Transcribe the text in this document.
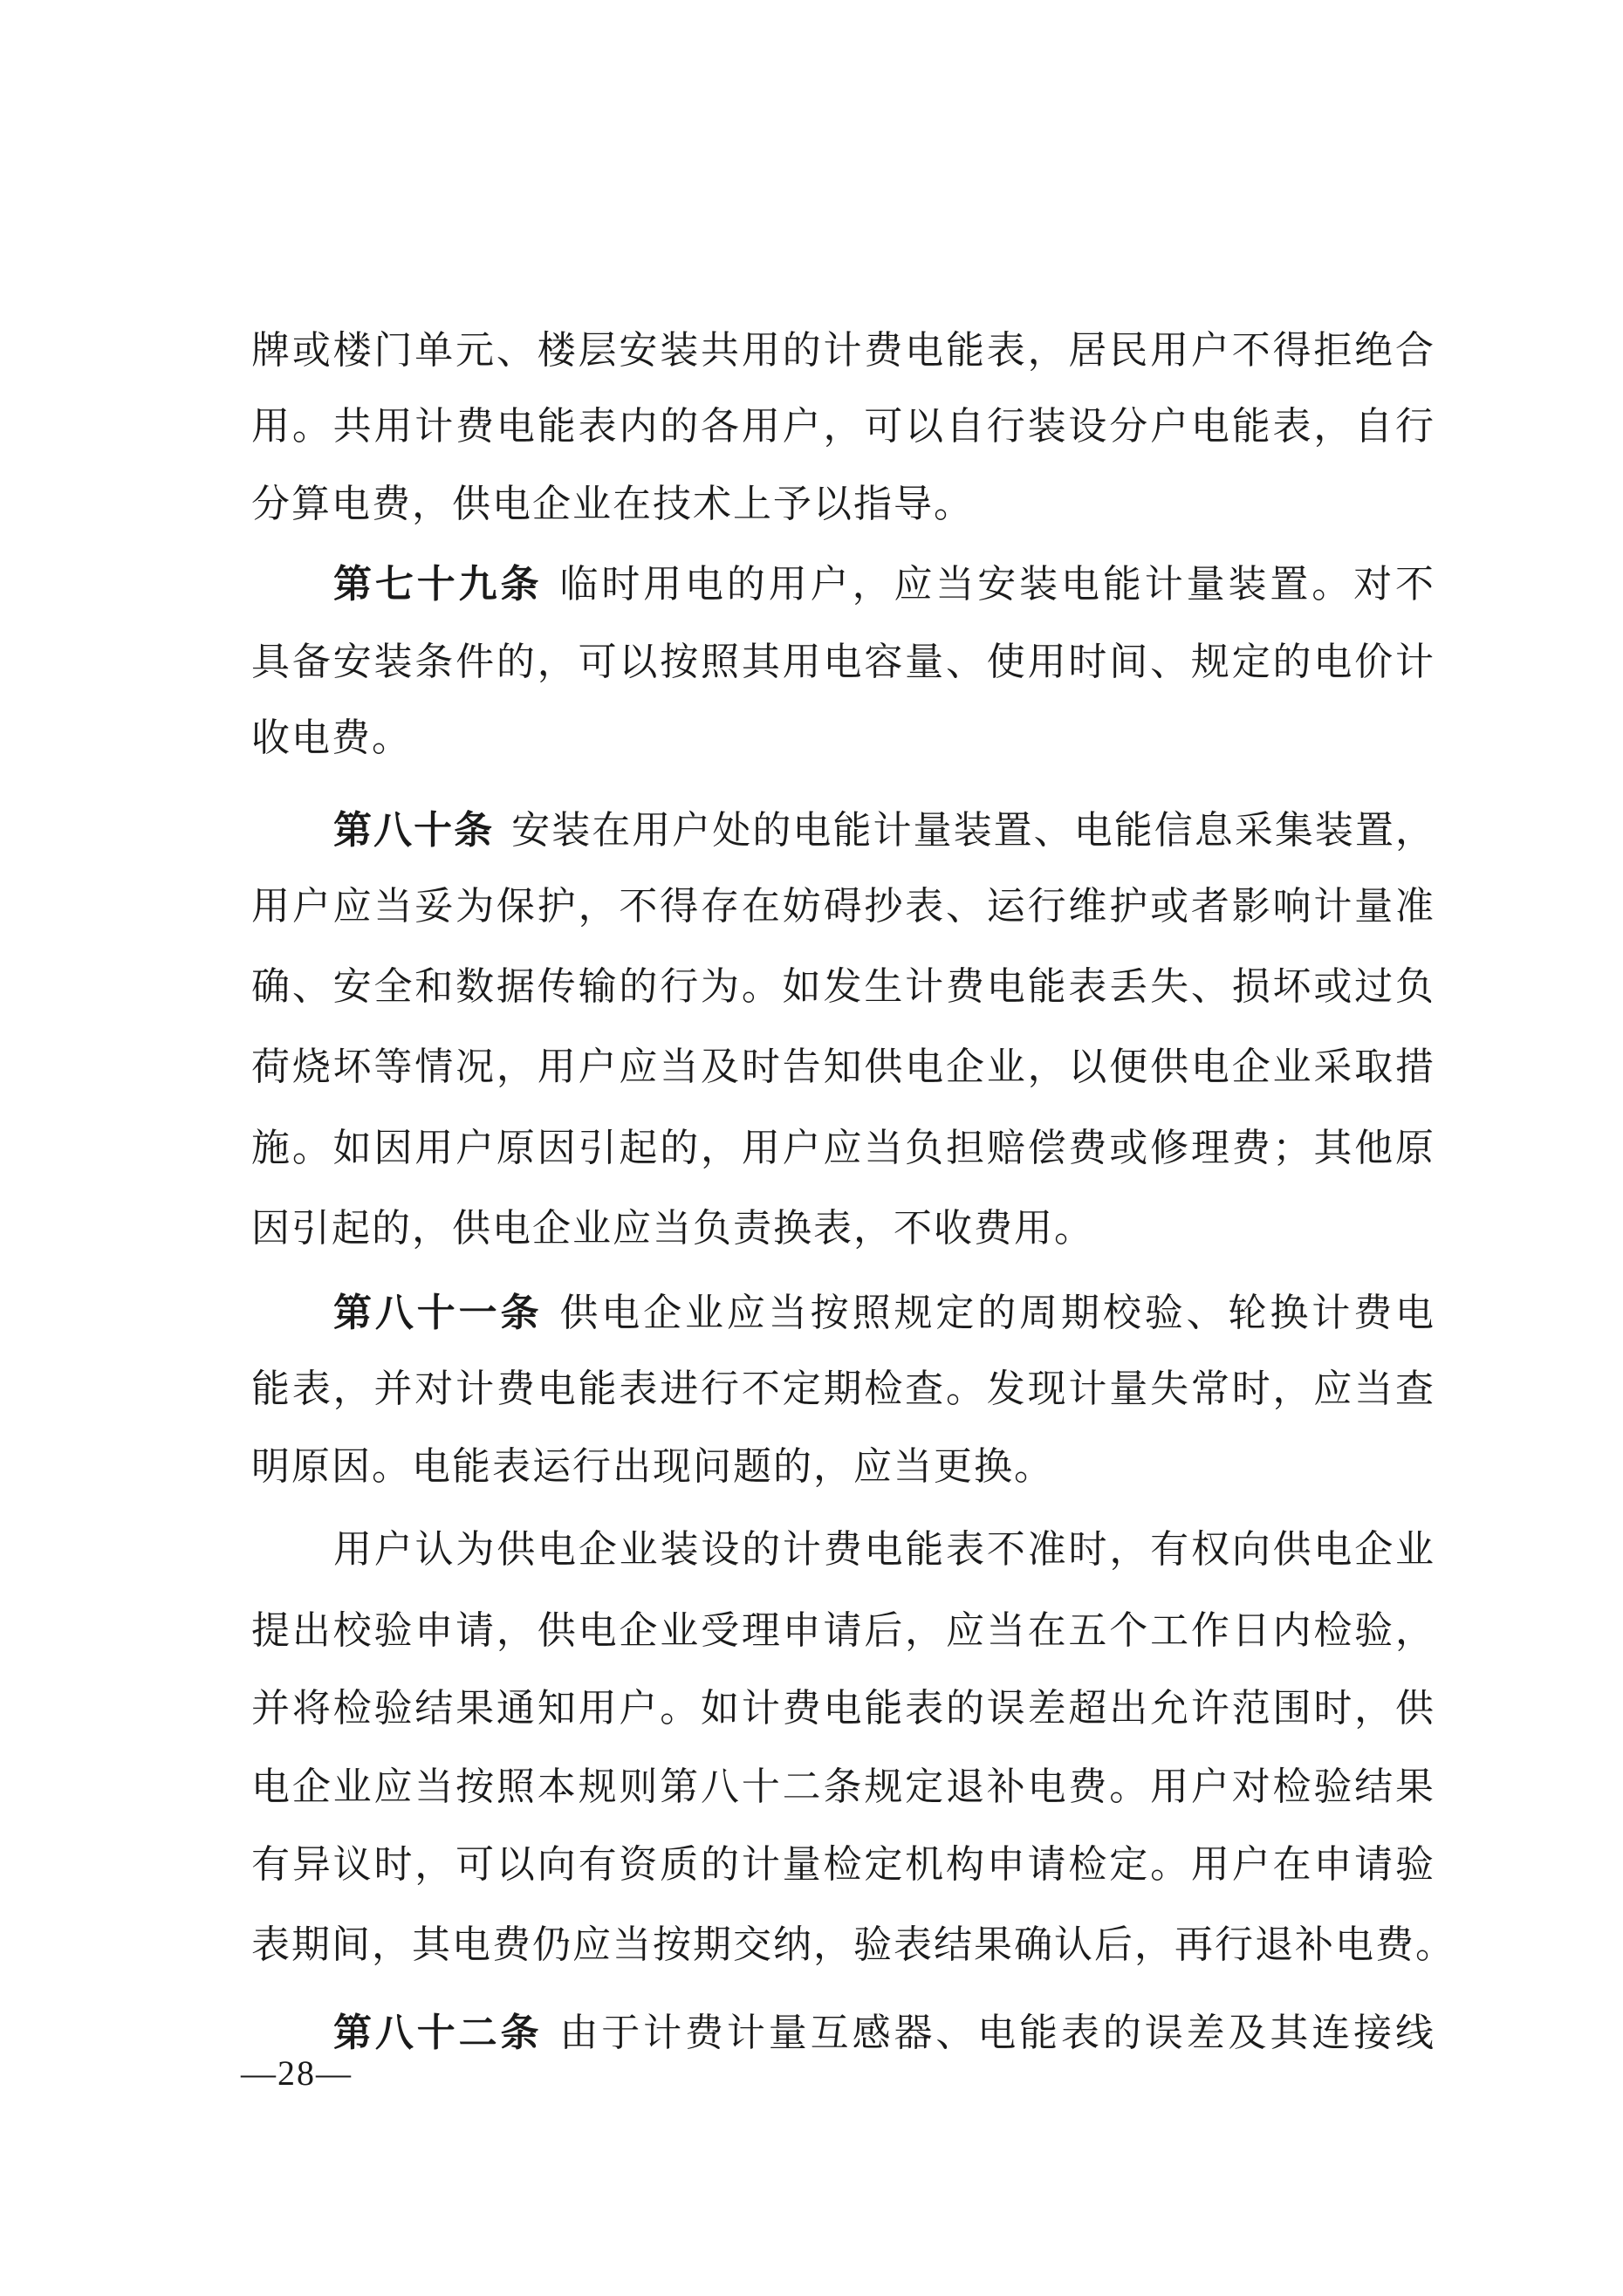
牌或楼门单元、楼层安装共用的计费电能表，居民用户不得拒绝合
用。共用计费电能表内的各用户，可以自行装设分户电能表，自行
分算电费，供电企业在技术上予以指导。
第七十九条 临时用电的用户，应当安装电能计量装置。对不
具备安装条件的，可以按照其用电容量、使用时间、规定的电价计
收电费。
第八十条 安装在用户处的电能计量装置、电能信息采集装置，
用户应当妥为保护，不得存在妨碍抄表、运行维护或者影响计量准
确、安全和数据传输的行为。如发生计费电能表丢失、损坏或过负
荷烧坏等情况，用户应当及时告知供电企业，以便供电企业采取措
施。如因用户原因引起的，用户应当负担赔偿费或修理费；其他原
因引起的，供电企业应当负责换表，不收费用。
第八十一条 供电企业应当按照规定的周期校验、轮换计费电
能表，并对计费电能表进行不定期检查。发现计量失常时，应当查
明原因。电能表运行出现问题的，应当更换。
用户认为供电企业装设的计费电能表不准时，有权向供电企业
提出校验申请，供电企业受理申请后，应当在五个工作日内检验，
并将检验结果通知用户。如计费电能表的误差超出允许范围时，供
电企业应当按照本规则第八十二条规定退补电费。用户对检验结果
有异议时，可以向有资质的计量检定机构申请检定。用户在申请验
表期间，其电费仍应当按期交纳，验表结果确认后，再行退补电费。
第八十二条 由于计费计量互感器、电能表的误差及其连接线
—28—
